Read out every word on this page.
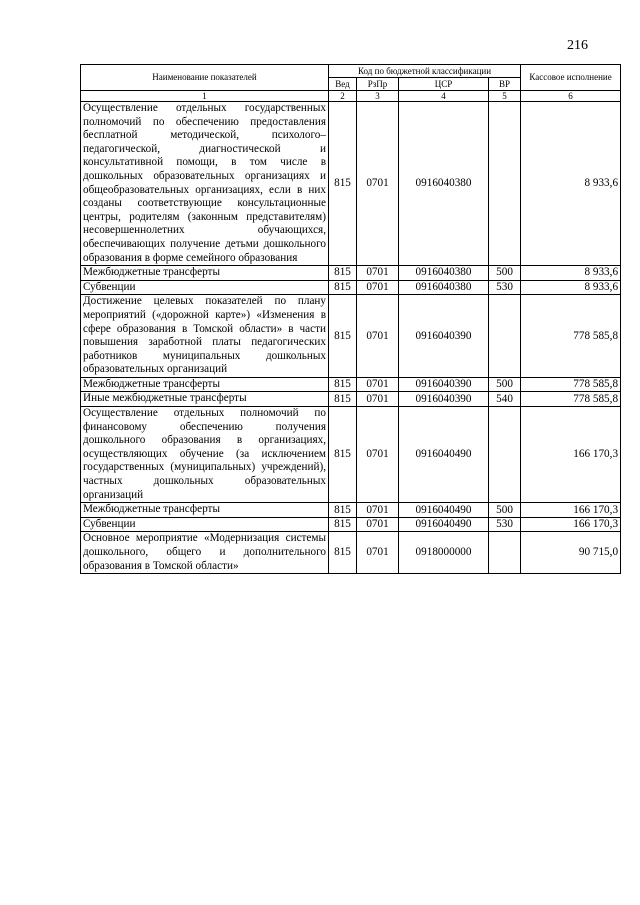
216
Наименование показателей	Код по бюджетной классификации				Кассовое исполнение
	Вед	РзПр	ЦСР	ВР	
1	2	3	4	5	6
Осуществление отдельных государственных полномочий по обеспечению предоставления бесплатной методической, психолого–педагогической, диагностической и консультативной помощи, в том числе в дошкольных образовательных организациях и общеобразовательных организациях, если в них созданы соответствующие консультационные центры, родителям (законным представителям) несовершеннолетних обучающихся, обеспечивающих получение детьми дошкольного образования в форме семейного образования	815	0701	0916040380		8 933,6
Межбюджетные трансферты	815	0701	0916040380	500	8 933,6
Субвенции	815	0701	0916040380	530	8 933,6
Достижение целевых показателей по плану мероприятий («дорожной карте») «Изменения в сфере образования в Томской области» в части повышения заработной платы педагогических работников муниципальных дошкольных образовательных организаций	815	0701	0916040390		778 585,8
Межбюджетные трансферты	815	0701	0916040390	500	778 585,8
Иные межбюджетные трансферты	815	0701	0916040390	540	778 585,8
Осуществление отдельных полномочий по финансовому обеспечению получения дошкольного образования в организациях, осуществляющих обучение (за исключением государственных (муниципальных) учреждений), частных дошкольных образовательных организаций	815	0701	0916040490		166 170,3
Межбюджетные трансферты	815	0701	0916040490	500	166 170,3
Субвенции	815	0701	0916040490	530	166 170,3
Основное мероприятие «Модернизация системы дошкольного, общего и дополнительного образования в Томской области»	815	0701	0918000000		90 715,0
